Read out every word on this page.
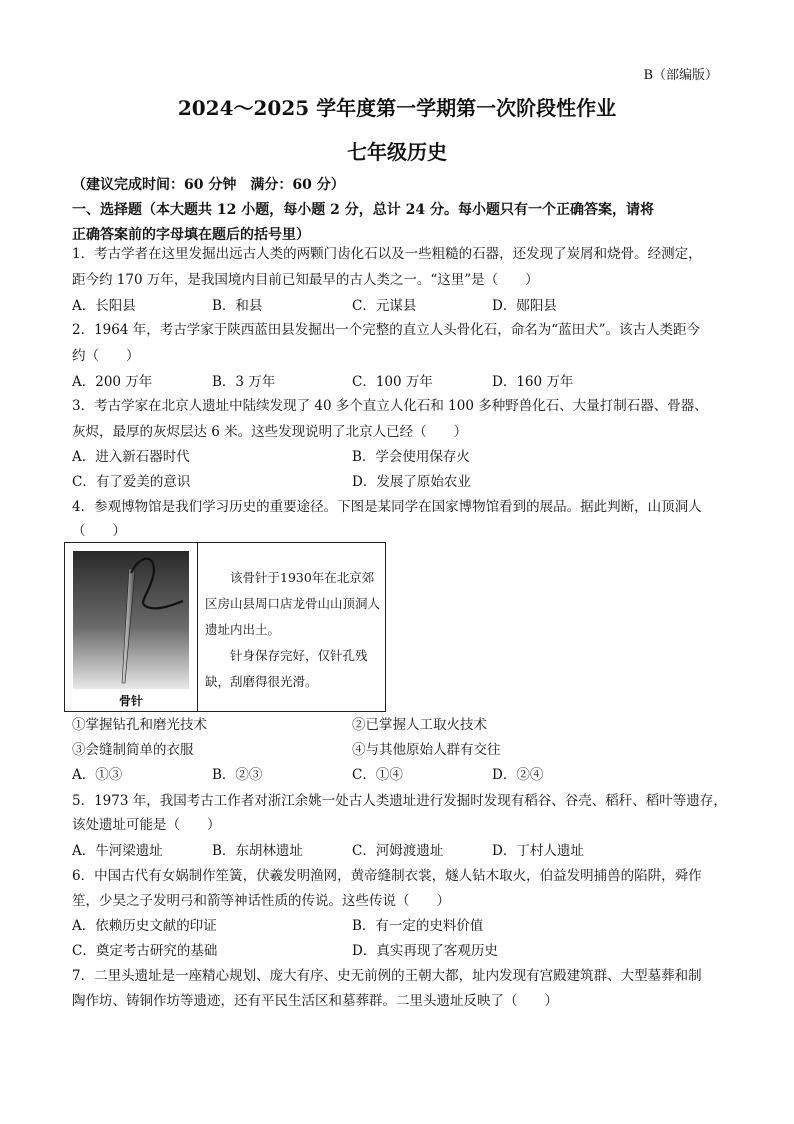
B（部编版）
2024～2025 学年度第一学期第一次阶段性作业
七年级历史
（建议完成时间：60 分钟　满分：60 分）
一、选择题（本大题共 12 小题，每小题 2 分，总计 24 分。每小题只有一个正确答案，请将
正确答案前的字母填在题后的括号里）
1．考古学者在这里发掘出远古人类的两颗门齿化石以及一些粗糙的石器，还发现了炭屑和烧骨。经测定，
距今约 170 万年，是我国境内目前已知最早的古人类之一。“这里”是（　　）
A．长阳县	B．和县	C．元谋县	D．郧阳县
2．1964 年，考古学家于陕西蓝田县发掘出一个完整的直立人头骨化石，命名为“蓝田犬”。该古人类距今
约（　　）
A．200 万年	B．3 万年	C．100 万年	D．160 万年
3．考古学家在北京人遗址中陆续发现了 40 多个直立人化石和 100 多种野兽化石、大量打制石器、骨器、
灰烬，最厚的灰烬层达 6 米。这些发现说明了北京人已经（　　）
A．进入新石器时代	B．学会使用保存火
C．有了爱美的意识	D．发展了原始农业
4．参观博物馆是我们学习历史的重要途径。下图是某同学在国家博物馆看到的展品。据此判断，山顶洞人
（　　）
骨针

该骨针于1930年在北京郊区房山县周口店龙骨山山顶洞人遗址内出土。

针身保存完好，仅针孔残缺，刮磨得很光滑。

①掌握钻孔和磨光技术	②已掌握人工取火技术
③会缝制简单的衣服	④与其他原始人群有交往
A．①③	B．②③	C．①④	D．②④
5．1973 年，我国考古工作者对浙江余姚一处古人类遗址进行发掘时发现有稻谷、谷壳、稻秆、稻叶等遗存，
该处遗址可能是（　　）
A．牛河梁遗址	B．东胡林遗址	C．河姆渡遗址	D．丁村人遗址
6．中国古代有女娲制作笙簧，伏羲发明渔网，黄帝缝制衣裳，燧人钻木取火，伯益发明捕兽的陷阱，舜作
笙，少昊之子发明弓和箭等神话性质的传说。这些传说（　　）
A．依赖历史文献的印证	B．有一定的史料价值
C．奠定考古研究的基础	D．真实再现了客观历史
7．二里头遗址是一座精心规划、庞大有序、史无前例的王朝大都，址内发现有宫殿建筑群、大型墓葬和制
陶作坊、铸铜作坊等遗迹，还有平民生活区和墓葬群。二里头遗址反映了（　　）
